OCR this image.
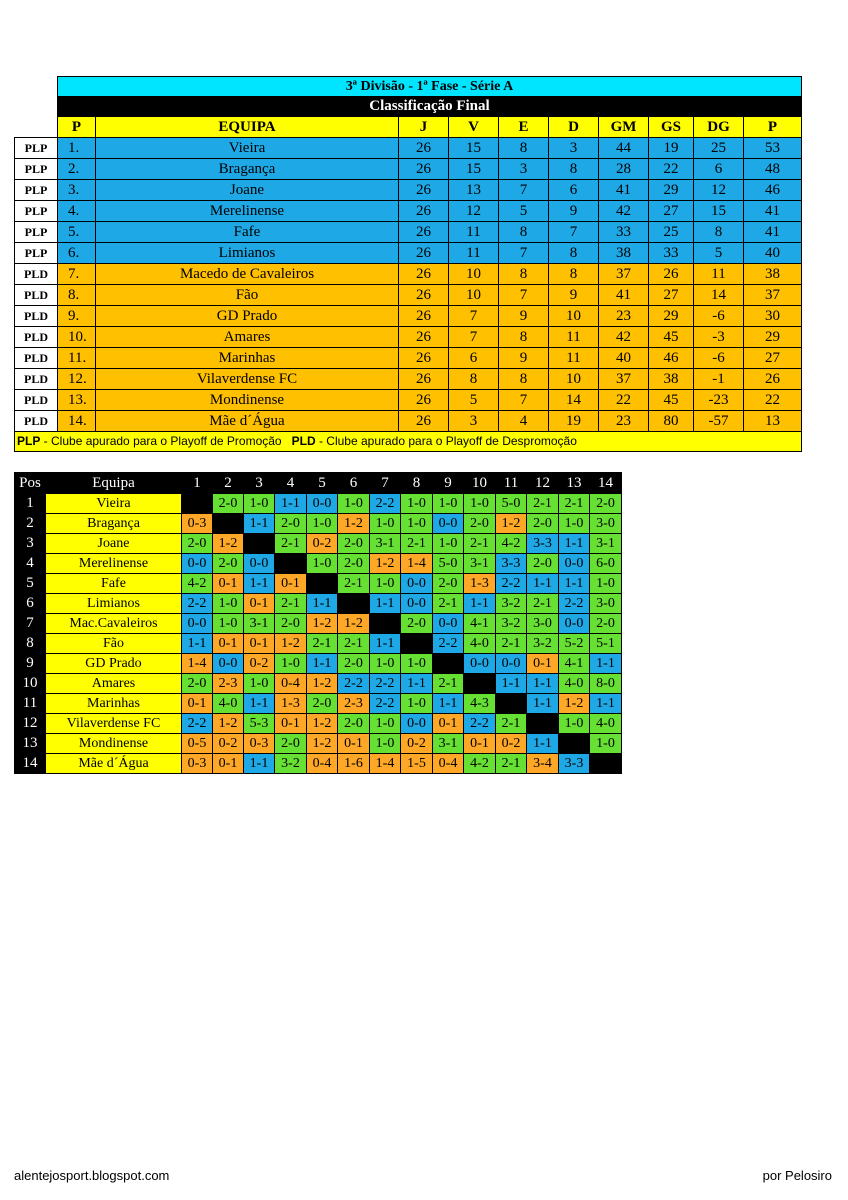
	3ª Divisão - 1ª Fase - Série A									
	Classificação Final									
	P	EQUIPA	J	V	E	D	GM	GS	DG	P
PLP	1.	Vieira	26	15	8	3	44	19	25	53
PLP	2.	Bragança	26	15	3	8	28	22	6	48
PLP	3.	Joane	26	13	7	6	41	29	12	46
PLP	4.	Merelinense	26	12	5	9	42	27	15	41
PLP	5.	Fafe	26	11	8	7	33	25	8	41
PLP	6.	Limianos	26	11	7	8	38	33	5	40
PLD	7.	Macedo de Cavaleiros	26	10	8	8	37	26	11	38
PLD	8.	Fão	26	10	7	9	41	27	14	37
PLD	9.	GD Prado	26	7	9	10	23	29	-6	30
PLD	10.	Amares	26	7	8	11	42	45	-3	29
PLD	11.	Marinhas	26	6	9	11	40	46	-6	27
PLD	12.	Vilaverdense FC	26	8	8	10	37	38	-1	26
PLD	13.	Mondinense	26	5	7	14	22	45	-23	22
PLD	14.	Mãe d´Água	26	3	4	19	23	80	-57	13
PLP - Clube apurado para o Playoff de Promoção PLD - Clube apurado para o Playoff de Despromoção										
Pos	Equipa	1	2	3	4	5	6	7	8	9	10	11	12	13	14
1	Vieira		2-0	1-0	1-1	0-0	1-0	2-2	1-0	1-0	1-0	5-0	2-1	2-1	2-0
2	Bragança	0-3		1-1	2-0	1-0	1-2	1-0	1-0	0-0	2-0	1-2	2-0	1-0	3-0
3	Joane	2-0	1-2		2-1	0-2	2-0	3-1	2-1	1-0	2-1	4-2	3-3	1-1	3-1
4	Merelinense	0-0	2-0	0-0		1-0	2-0	1-2	1-4	5-0	3-1	3-3	2-0	0-0	6-0
5	Fafe	4-2	0-1	1-1	0-1		2-1	1-0	0-0	2-0	1-3	2-2	1-1	1-1	1-0
6	Limianos	2-2	1-0	0-1	2-1	1-1		1-1	0-0	2-1	1-1	3-2	2-1	2-2	3-0
7	Mac.Cavaleiros	0-0	1-0	3-1	2-0	1-2	1-2		2-0	0-0	4-1	3-2	3-0	0-0	2-0
8	Fão	1-1	0-1	0-1	1-2	2-1	2-1	1-1		2-2	4-0	2-1	3-2	5-2	5-1
9	GD Prado	1-4	0-0	0-2	1-0	1-1	2-0	1-0	1-0		0-0	0-0	0-1	4-1	1-1
10	Amares	2-0	2-3	1-0	0-4	1-2	2-2	2-2	1-1	2-1		1-1	1-1	4-0	8-0
11	Marinhas	0-1	4-0	1-1	1-3	2-0	2-3	2-2	1-0	1-1	4-3		1-1	1-2	1-1
12	Vilaverdense FC	2-2	1-2	5-3	0-1	1-2	2-0	1-0	0-0	0-1	2-2	2-1		1-0	4-0
13	Mondinense	0-5	0-2	0-3	2-0	1-2	0-1	1-0	0-2	3-1	0-1	0-2	1-1		1-0
14	Mãe d´Água	0-3	0-1	1-1	3-2	0-4	1-6	1-4	1-5	0-4	4-2	2-1	3-4	3-3	
alentejosport.blogspot.com	por Pelosiro
